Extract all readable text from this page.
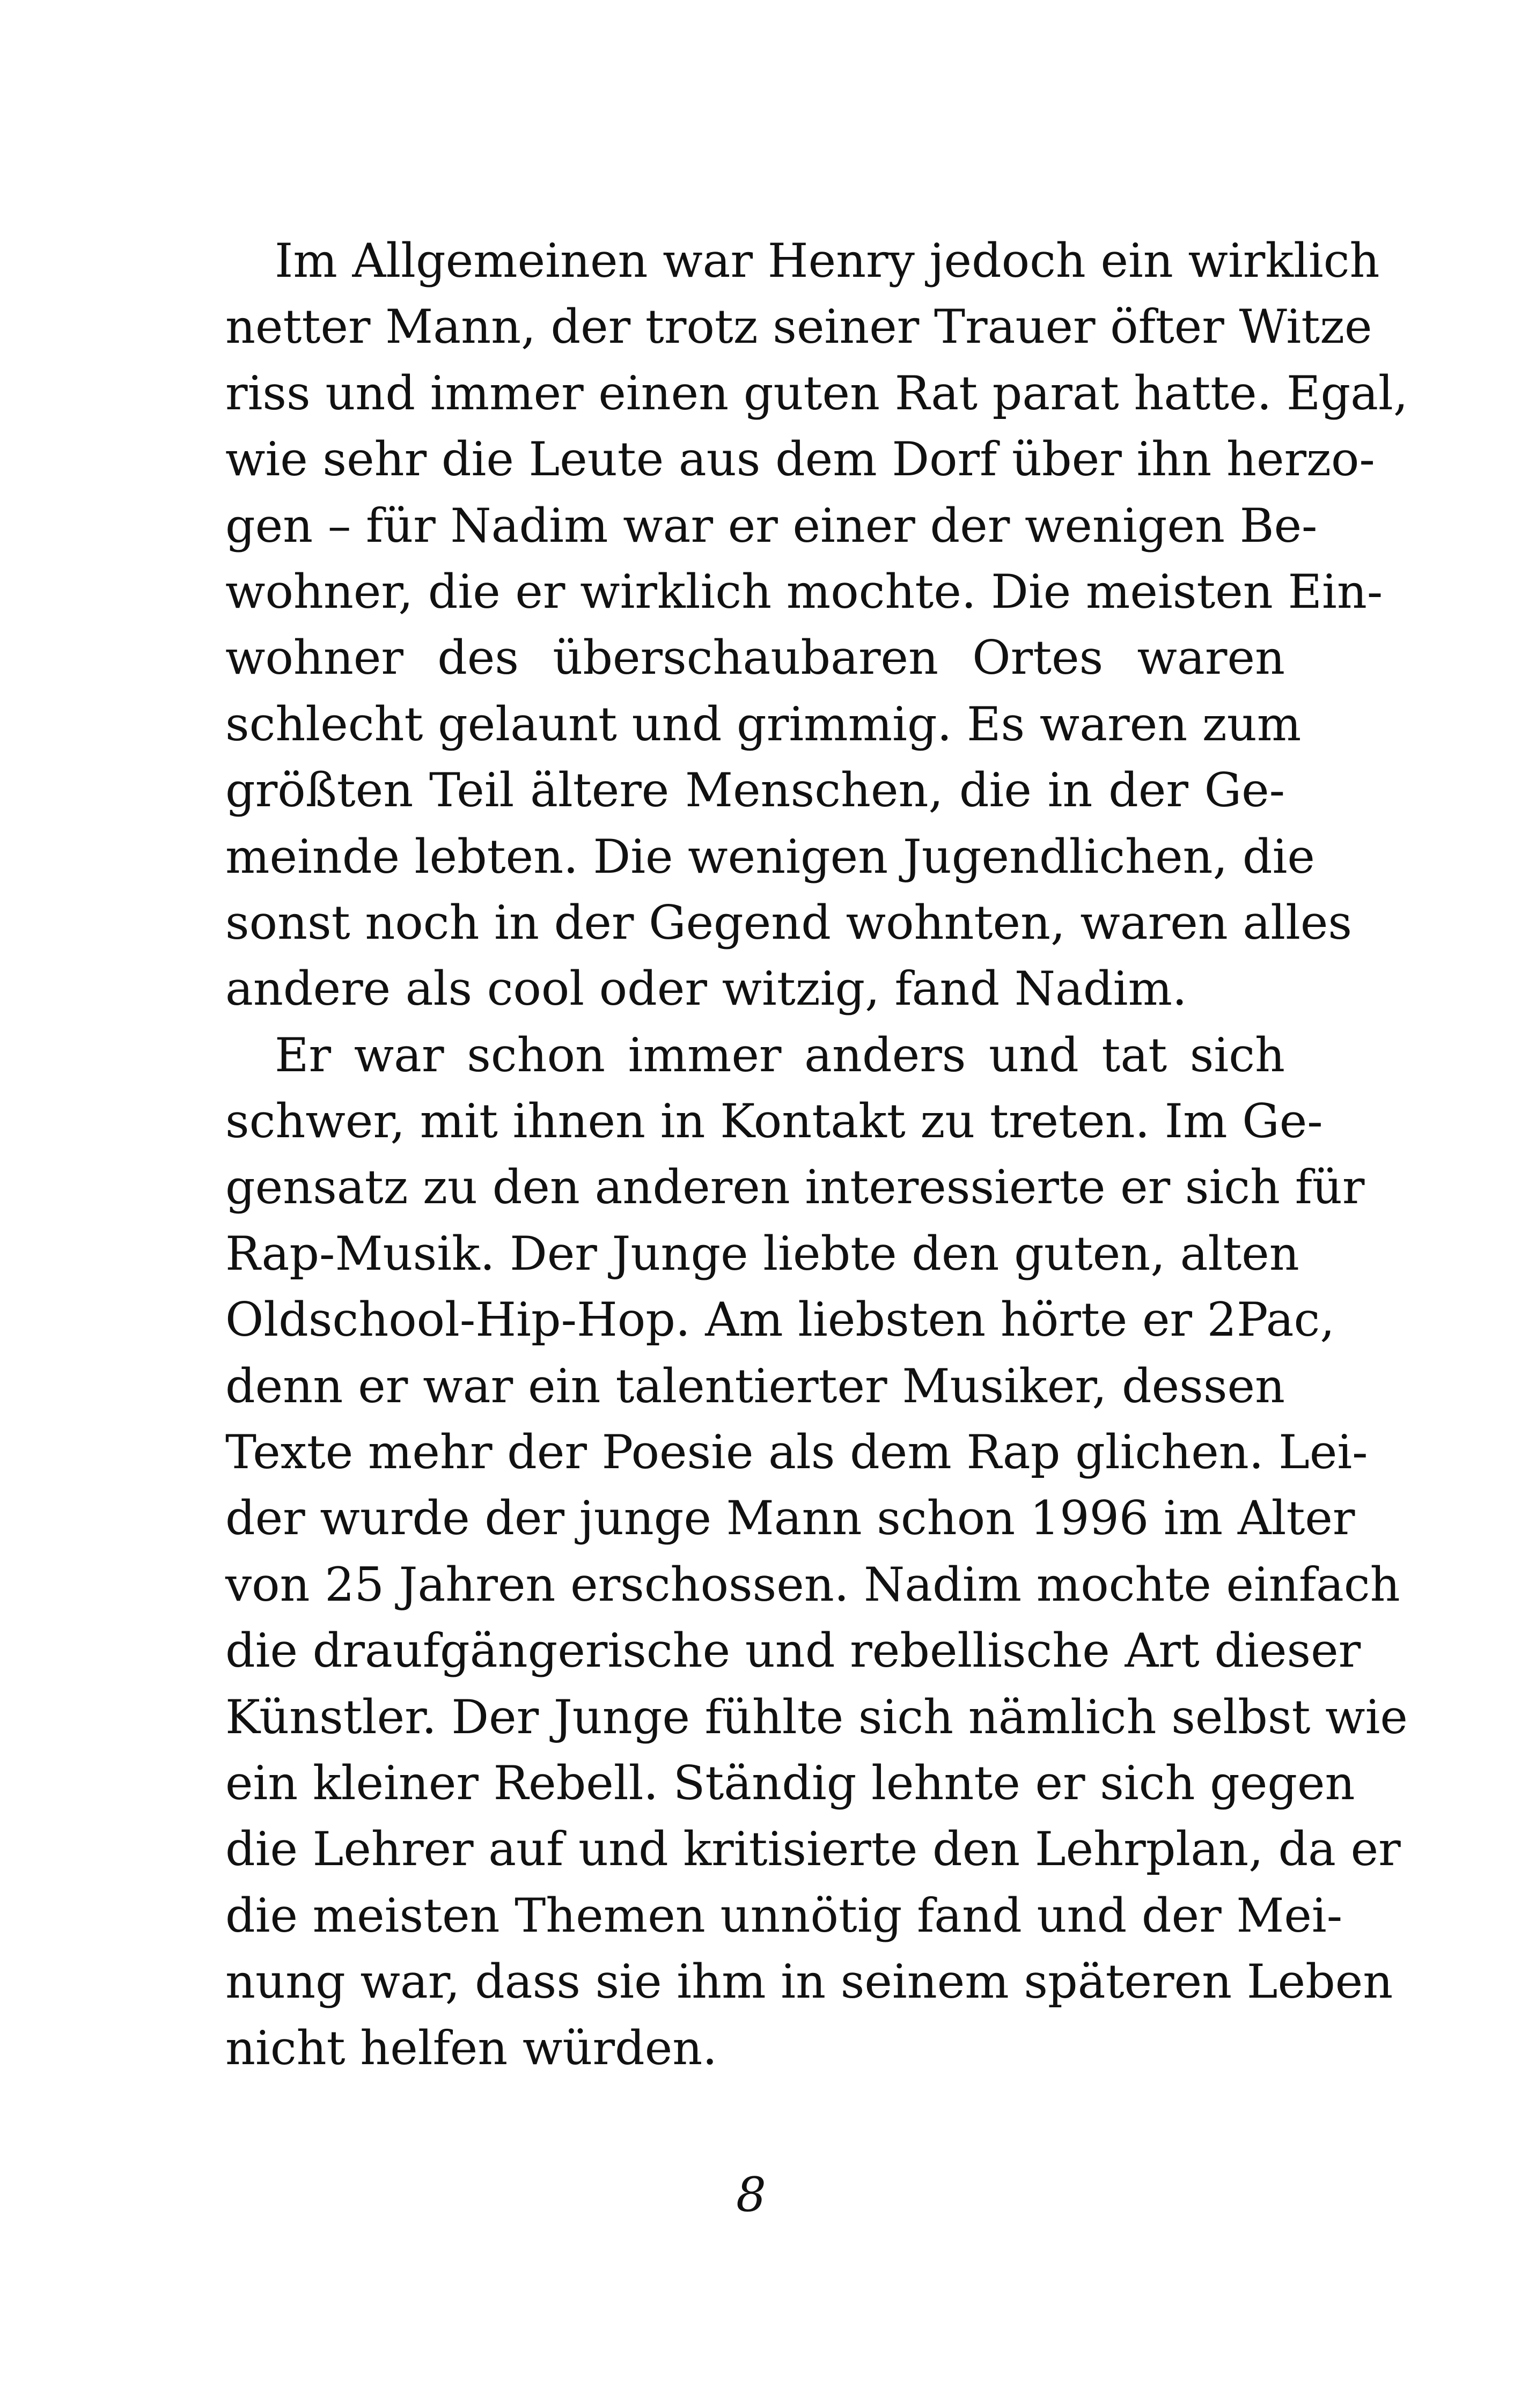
Im Allgemeinen war Henry jedoch ein wirklich
netter Mann, der trotz seiner Trauer öfter Witze
riss und immer einen guten Rat parat hatte. Egal,
wie sehr die Leute aus dem Dorf über ihn herzo-
gen – für Nadim war er einer der wenigen Be-
wohner, die er wirklich mochte. Die meisten Ein-
wohner des überschaubaren Ortes waren
schlecht gelaunt und grimmig. Es waren zum
größten Teil ältere Menschen, die in der Ge-
meinde lebten. Die wenigen Jugendlichen, die
sonst noch in der Gegend wohnten, waren alles
andere als cool oder witzig, fand Nadim.
Er war schon immer anders und tat sich
schwer, mit ihnen in Kontakt zu treten. Im Ge-
gensatz zu den anderen interessierte er sich für
Rap-Musik. Der Junge liebte den guten, alten
Oldschool-Hip-Hop. Am liebsten hörte er 2Pac,
denn er war ein talentierter Musiker, dessen
Texte mehr der Poesie als dem Rap glichen. Lei-
der wurde der junge Mann schon 1996 im Alter
von 25 Jahren erschossen. Nadim mochte einfach
die draufgängerische und rebellische Art dieser
Künstler. Der Junge fühlte sich nämlich selbst wie
ein kleiner Rebell. Ständig lehnte er sich gegen
die Lehrer auf und kritisierte den Lehrplan, da er
die meisten Themen unnötig fand und der Mei-
nung war, dass sie ihm in seinem späteren Leben
nicht helfen würden.
8
